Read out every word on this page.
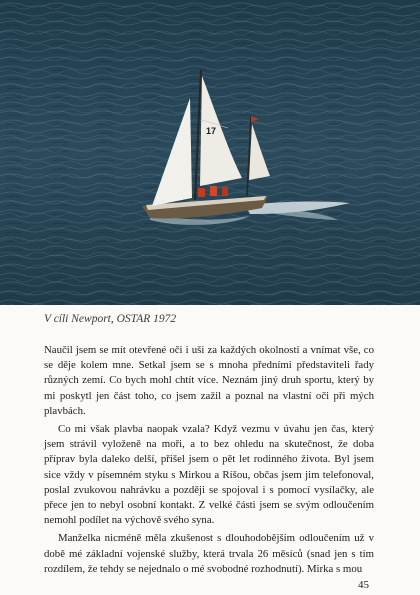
17
V cíli Newport, OSTAR 1972

Naučil jsem se mít otevřené oči i uši za každých okolností a vnímat vše, co se děje kolem mne. Setkal jsem se s mnoha předními představiteli řady různých zemí. Co bych mohl chtít více. Neznám jiný druh sportu, který by mi poskytl jen část toho, co jsem zažil a poznal na vlastní oči při mých plavbách.

Co mi však plavba naopak vzala? Když vezmu v úvahu jen čas, který jsem strávil vyloženě na moři, a to bez ohledu na skutečnost, že doba příprav byla daleko delší, přišel jsem o pět let rodinného života. Byl jsem sice vždy v písemném styku s Mirkou a Ríšou, občas jsem jim telefonoval, poslal zvukovou nahrávku a později se spojoval i s pomocí vysílačky, ale přece jen to nebyl osobní kontakt. Z velké části jsem se svým odloučením nemohl podílet na výchově svého syna.

Manželka nicméně měla zkušenost s dlouhodobějším odloučením už v době mé základní vojenské služby, která trvala 26 měsíců (snad jen s tím rozdílem, že tehdy se nejednalo o mé svobodné rozhodnutí). Mirka s mou

45
